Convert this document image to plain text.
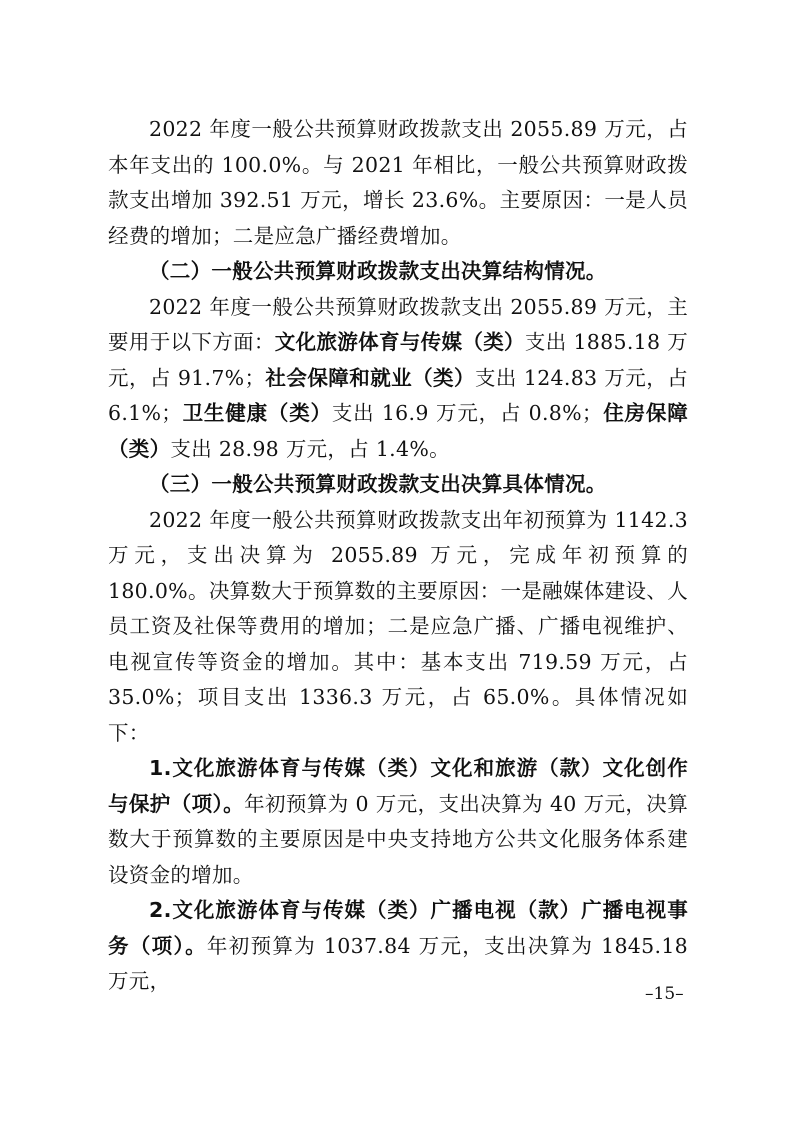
2022 年度一般公共预算财政拨款支出 2055.89 万元，占本年支出的 100.0%。与 2021 年相比，一般公共预算财政拨款支出增加 392.51 万元，增长 23.6%。主要原因：一是人员经费的增加；二是应急广播经费增加。

（二）一般公共预算财政拨款支出决算结构情况。

2022 年度一般公共预算财政拨款支出 2055.89 万元，主要用于以下方面：文化旅游体育与传媒（类）支出 1885.18 万元，占 91.7%；社会保障和就业（类）支出 124.83 万元，占 6.1%；卫生健康（类）支出 16.9 万元，占 0.8%；住房保障（类）支出 28.98 万元，占 1.4%。

（三）一般公共预算财政拨款支出决算具体情况。

2022 年度一般公共预算财政拨款支出年初预算为 1142.3 万元，支出决算为 2055.89 万元，完成年初预算的 180.0%。决算数大于预算数的主要原因：一是融媒体建设、人员工资及社保等费用的增加；二是应急广播、广播电视维护、电视宣传等资金的增加。其中：基本支出 719.59 万元，占 35.0%；项目支出 1336.3 万元，占 65.0%。具体情况如下：

1.文化旅游体育与传媒（类）文化和旅游（款）文化创作与保护（项）。年初预算为 0 万元，支出决算为 40 万元，决算数大于预算数的主要原因是中央支持地方公共文化服务体系建设资金的增加。

2.文化旅游体育与传媒（类）广播电视（款）广播电视事务（项）。年初预算为 1037.84 万元，支出决算为 1845.18 万元，

–15–
